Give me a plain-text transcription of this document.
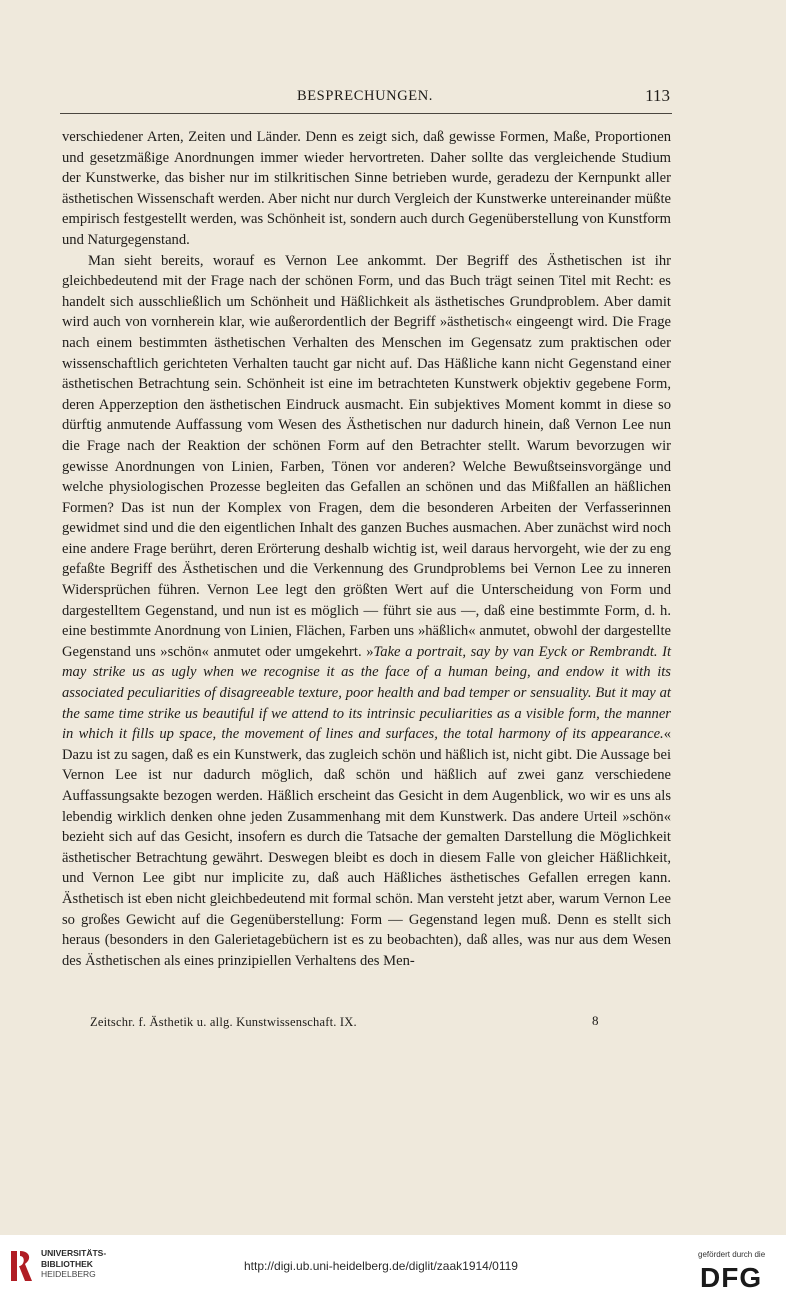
BESPRECHUNGEN.	113

verschiedener Arten, Zeiten und Länder. Denn es zeigt sich, daß gewisse Formen, Maße, Proportionen und gesetzmäßige Anordnungen immer wieder hervortreten. Daher sollte das vergleichende Studium der Kunstwerke, das bisher nur im stilkritischen Sinne betrieben wurde, geradezu der Kernpunkt aller ästhetischen Wissenschaft werden. Aber nicht nur durch Vergleich der Kunstwerke untereinander müßte empirisch festgestellt werden, was Schönheit ist, sondern auch durch Gegenüberstellung von Kunstform und Naturgegenstand.

Man sieht bereits, worauf es Vernon Lee ankommt. Der Begriff des Ästhetischen ist ihr gleichbedeutend mit der Frage nach der schönen Form, und das Buch trägt seinen Titel mit Recht: es handelt sich ausschließlich um Schönheit und Häßlichkeit als ästhetisches Grundproblem. Aber damit wird auch von vornherein klar, wie außerordentlich der Begriff »ästhetisch« eingeengt wird. Die Frage nach einem bestimmten ästhetischen Verhalten des Menschen im Gegensatz zum praktischen oder wissenschaftlich gerichteten Verhalten taucht gar nicht auf. Das Häßliche kann nicht Gegenstand einer ästhetischen Betrachtung sein. Schönheit ist eine im betrachteten Kunstwerk objektiv gegebene Form, deren Apperzeption den ästhetischen Eindruck ausmacht. Ein subjektives Moment kommt in diese so dürftig anmutende Auffassung vom Wesen des Ästhetischen nur dadurch hinein, daß Vernon Lee nun die Frage nach der Reaktion der schönen Form auf den Betrachter stellt. Warum bevorzugen wir gewisse Anordnungen von Linien, Farben, Tönen vor anderen? Welche Bewußtseinsvorgänge und welche physiologischen Prozesse begleiten das Gefallen an schönen und das Mißfallen an häßlichen Formen? Das ist nun der Komplex von Fragen, dem die besonderen Arbeiten der Verfasserinnen gewidmet sind und die den eigentlichen Inhalt des ganzen Buches ausmachen. Aber zunächst wird noch eine andere Frage berührt, deren Erörterung deshalb wichtig ist, weil daraus hervorgeht, wie der zu eng gefaßte Begriff des Ästhetischen und die Verkennung des Grundproblems bei Vernon Lee zu inneren Widersprüchen führen. Vernon Lee legt den größten Wert auf die Unterscheidung von Form und dargestelltem Gegenstand, und nun ist es möglich — führt sie aus —, daß eine bestimmte Form, d. h. eine bestimmte Anordnung von Linien, Flächen, Farben uns »häßlich« anmutet, obwohl der dargestellte Gegenstand uns »schön« anmutet oder umgekehrt. »Take a portrait, say by van Eyck or Rembrandt. It may strike us as ugly when we recognise it as the face of a human being, and endow it with its associated peculiarities of disagreeable texture, poor health and bad temper or sensuality. But it may at the same time strike us beautiful if we attend to its intrinsic peculiarities as a visible form, the manner in which it fills up space, the movement of lines and surfaces, the total harmony of its appearance.« Dazu ist zu sagen, daß es ein Kunstwerk, das zugleich schön und häßlich ist, nicht gibt. Die Aussage bei Vernon Lee ist nur dadurch möglich, daß schön und häßlich auf zwei ganz verschiedene Auffassungsakte bezogen werden. Häßlich erscheint das Gesicht in dem Augenblick, wo wir es uns als lebendig wirklich denken ohne jeden Zusammenhang mit dem Kunstwerk. Das andere Urteil »schön« bezieht sich auf das Gesicht, insofern es durch die Tatsache der gemalten Darstellung die Möglichkeit ästhetischer Betrachtung gewährt. Deswegen bleibt es doch in diesem Falle von gleicher Häßlichkeit, und Vernon Lee gibt nur implicite zu, daß auch Häßliches ästhetisches Gefallen erregen kann. Ästhetisch ist eben nicht gleichbedeutend mit formal schön. Man versteht jetzt aber, warum Vernon Lee so großes Gewicht auf die Gegenüberstellung: Form — Gegenstand legen muß. Denn es stellt sich heraus (besonders in den Galerietagebüchern ist es zu beobachten), daß alles, was nur aus dem Wesen des Ästhetischen als eines prinzipiellen Verhaltens des Men-

Zeitschr. f. Ästhetik u. allg. Kunstwissenschaft. IX.	8
UNIVERSITÄTS-
BIBLIOTHEK
HEIDELBERG
http://digi.ub.uni-heidelberg.de/diglit/zaak1914/0119
gefördert durch die
DFG
